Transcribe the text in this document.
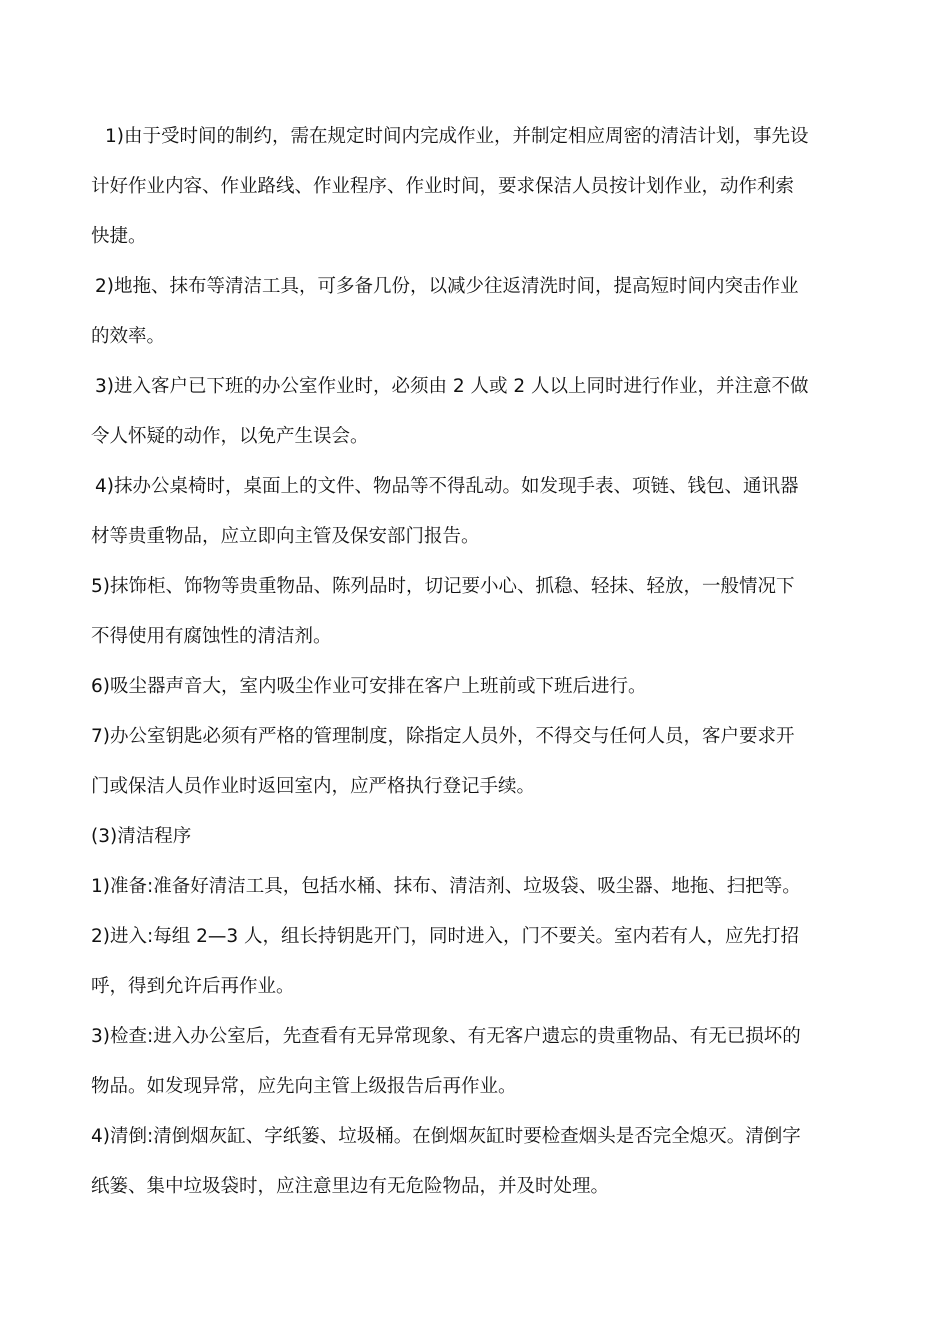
1)由于受时间的制约，需在规定时间内完成作业，并制定相应周密的清洁计划，事先设计好作业内容、作业路线、作业程序、作业时间，要求保洁人员按计划作业，动作利索快捷。

2)地拖、抹布等清洁工具，可多备几份，以减少往返清洗时间，提高短时间内突击作业的效率。

3)进入客户已下班的办公室作业时，必须由 2 人或 2 人以上同时进行作业，并注意不做令人怀疑的动作，以免产生误会。

4)抹办公桌椅时，桌面上的文件、物品等不得乱动。如发现手表、项链、钱包、通讯器材等贵重物品，应立即向主管及保安部门报告。

5)抹饰柜、饰物等贵重物品、陈列品时，切记要小心、抓稳、轻抹、轻放，一般情况下不得使用有腐蚀性的清洁剂。

6)吸尘器声音大，室内吸尘作业可安排在客户上班前或下班后进行。

7)办公室钥匙必须有严格的管理制度，除指定人员外，不得交与任何人员，客户要求开门或保洁人员作业时返回室内，应严格执行登记手续。

(3)清洁程序

1)准备:准备好清洁工具，包括水桶、抹布、清洁剂、垃圾袋、吸尘器、地拖、扫把等。

2)进入:每组 2—3 人，组长持钥匙开门，同时进入，门不要关。室内若有人，应先打招呼，得到允许后再作业。

3)检查:进入办公室后，先查看有无异常现象、有无客户遗忘的贵重物品、有无已损坏的物品。如发现异常，应先向主管上级报告后再作业。

4)清倒:清倒烟灰缸、字纸篓、垃圾桶。在倒烟灰缸时要检查烟头是否完全熄灭。清倒字纸篓、集中垃圾袋时，应注意里边有无危险物品，并及时处理。
